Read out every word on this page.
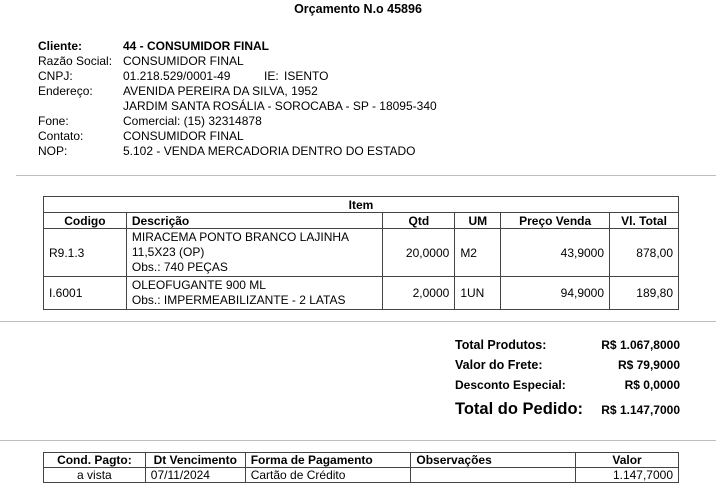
Orçamento N.o 45896
Cliente:	44 - CONSUMIDOR FINAL
Razão Social: CONSUMIDOR FINAL
CNPJ:	01.218.529/0001-49	IE: ISENTO
Endereço:	AVENIDA PEREIRA DA SILVA, 1952
JARDIM SANTA ROSÁLIA - SOROCABA - SP - 18095-340
Fone:	Comercial: (15) 32314878
Contato:	CONSUMIDOR FINAL
NOP:	5.102 - VENDA MERCADORIA DENTRO DO ESTADO
Item					
Codigo	Descrição	Qtd	UM	Preço Venda	Vl. Total
R9.1.3	MIRACEMA PONTO BRANCO LAJINHA
11,5X23 (OP)
Obs.: 740 PEÇAS	20,0000	M2	43,9000	878,00
I.6001	OLEOFUGANTE 900 ML
Obs.: IMPERMEABILIZANTE - 2 LATAS	2,0000	1UN	94,9000	189,80
Total Produtos:	R$ 1.067,8000
Valor do Frete:	R$ 79,9000
Desconto Especial:	R$ 0,0000
Total do Pedido: R$ 1.147,7000
Cond. Pagto:	Dt Vencimento	Forma de Pagamento	Observações	Valor
a vista	07/11/2024	Cartão de Crédito		1.147,7000
